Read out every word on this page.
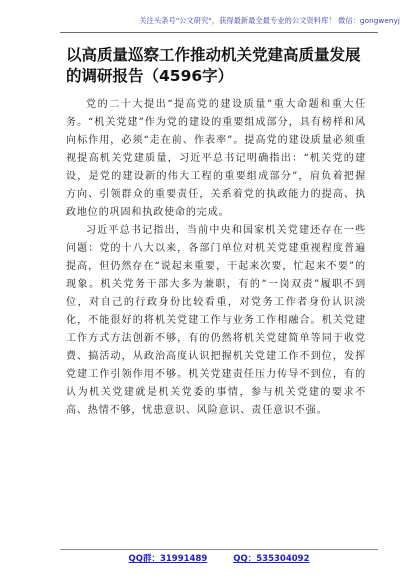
关注头条号"公文研究"，获得最新最全最专业的公文资料库！ 微信：gongwenyj
以高质量巡察工作推动机关党建高质量发展的调研报告（4596字）

党的二十大提出“提高党的建设质量”重大命题和重大任务。“机关党建”作为党的建设的重要组成部分，具有榜样和风向标作用，必须“走在前、作表率”。提高党的建设质量必须重视提高机关党建质量，习近平总书记明确指出：“机关党的建设，是党的建设新的伟大工程的重要组成部分”，肩负着把握方向、引领群众的重要责任，关系着党的执政能力的提高、执政地位的巩固和执政使命的完成。

习近平总书记指出，当前中央和国家机关党建还存在一些问题：党的十八大以来，各部门单位对机关党建重视程度普遍提高，但仍然存在“说起来重要，干起来次要，忙起来不要”的现象。机关党务干部大多为兼职，有的“一岗双责”履职不到位，对自己的行政身份比较看重，对党务工作者身份认识淡化，不能很好的将机关党建工作与业务工作相融合。机关党建工作方式方法创新不够，有的仍然将机关党建简单等同于收党费、搞活动，从政治高度认识把握机关党建工作不到位，发挥党建工作引领作用不够。机关党建责任压力传导不到位，有的认为机关党建就是机关党委的事情，参与机关党建的要求不高、热情不够，忧患意识、风险意识、责任意识不强。

QQ群：31991489	QQ：535304092
